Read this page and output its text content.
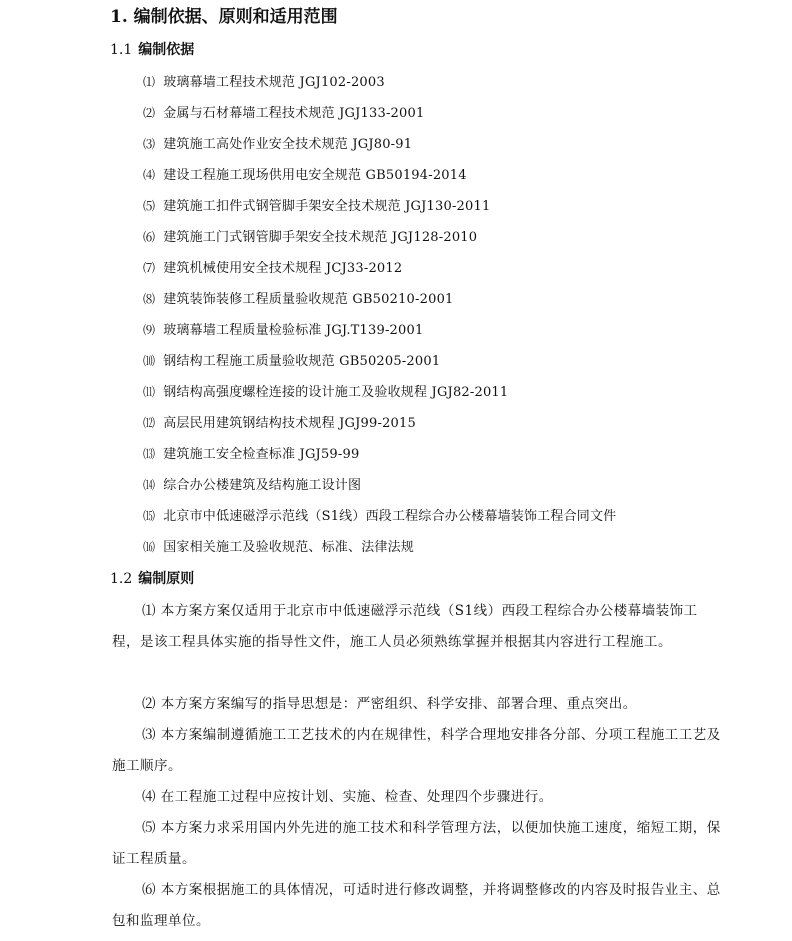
1. 编制依据、原则和适用范围
1.1 编制依据
⑴ 玻璃幕墙工程技术规范 JGJ102-2003
⑵ 金属与石材幕墙工程技术规范 JGJ133-2001
⑶ 建筑施工高处作业安全技术规范 JGJ80-91
⑷ 建设工程施工现场供用电安全规范 GB50194-2014
⑸ 建筑施工扣件式钢管脚手架安全技术规范 JGJ130-2011
⑹ 建筑施工门式钢管脚手架安全技术规范 JGJ128-2010
⑺ 建筑机械使用安全技术规程 JCJ33-2012
⑻ 建筑装饰装修工程质量验收规范 GB50210-2001
⑼ 玻璃幕墙工程质量检验标准 JGJ.T139-2001
⑽ 钢结构工程施工质量验收规范 GB50205-2001
⑾ 钢结构高强度螺栓连接的设计施工及验收规程 JGJ82-2011
⑿ 高层民用建筑钢结构技术规程 JGJ99-2015
⒀ 建筑施工安全检查标准 JGJ59-99
⒁ 综合办公楼建筑及结构施工设计图
⒂ 北京市中低速磁浮示范线（S1线）西段工程综合办公楼幕墙装饰工程合同文件
⒃ 国家相关施工及验收规范、标准、法律法规
1.2 编制原则

⑴ 本方案方案仅适用于北京市中低速磁浮示范线（S1线）西段工程综合办公楼幕墙装饰工程，是该工程具体实施的指导性文件，施工人员必须熟练掌握并根据其内容进行工程施工。

⑵ 本方案方案编写的指导思想是：严密组织、科学安排、部署合理、重点突出。

⑶ 本方案编制遵循施工工艺技术的内在规律性，科学合理地安排各分部、分项工程施工工艺及施工顺序。

⑷ 在工程施工过程中应按计划、实施、检查、处理四个步骤进行。

⑸ 本方案力求采用国内外先进的施工技术和科学管理方法，以便加快施工速度，缩短工期，保证工程质量。

⑹ 本方案根据施工的具体情况，可适时进行修改调整，并将调整修改的内容及时报告业主、总包和监理单位。
